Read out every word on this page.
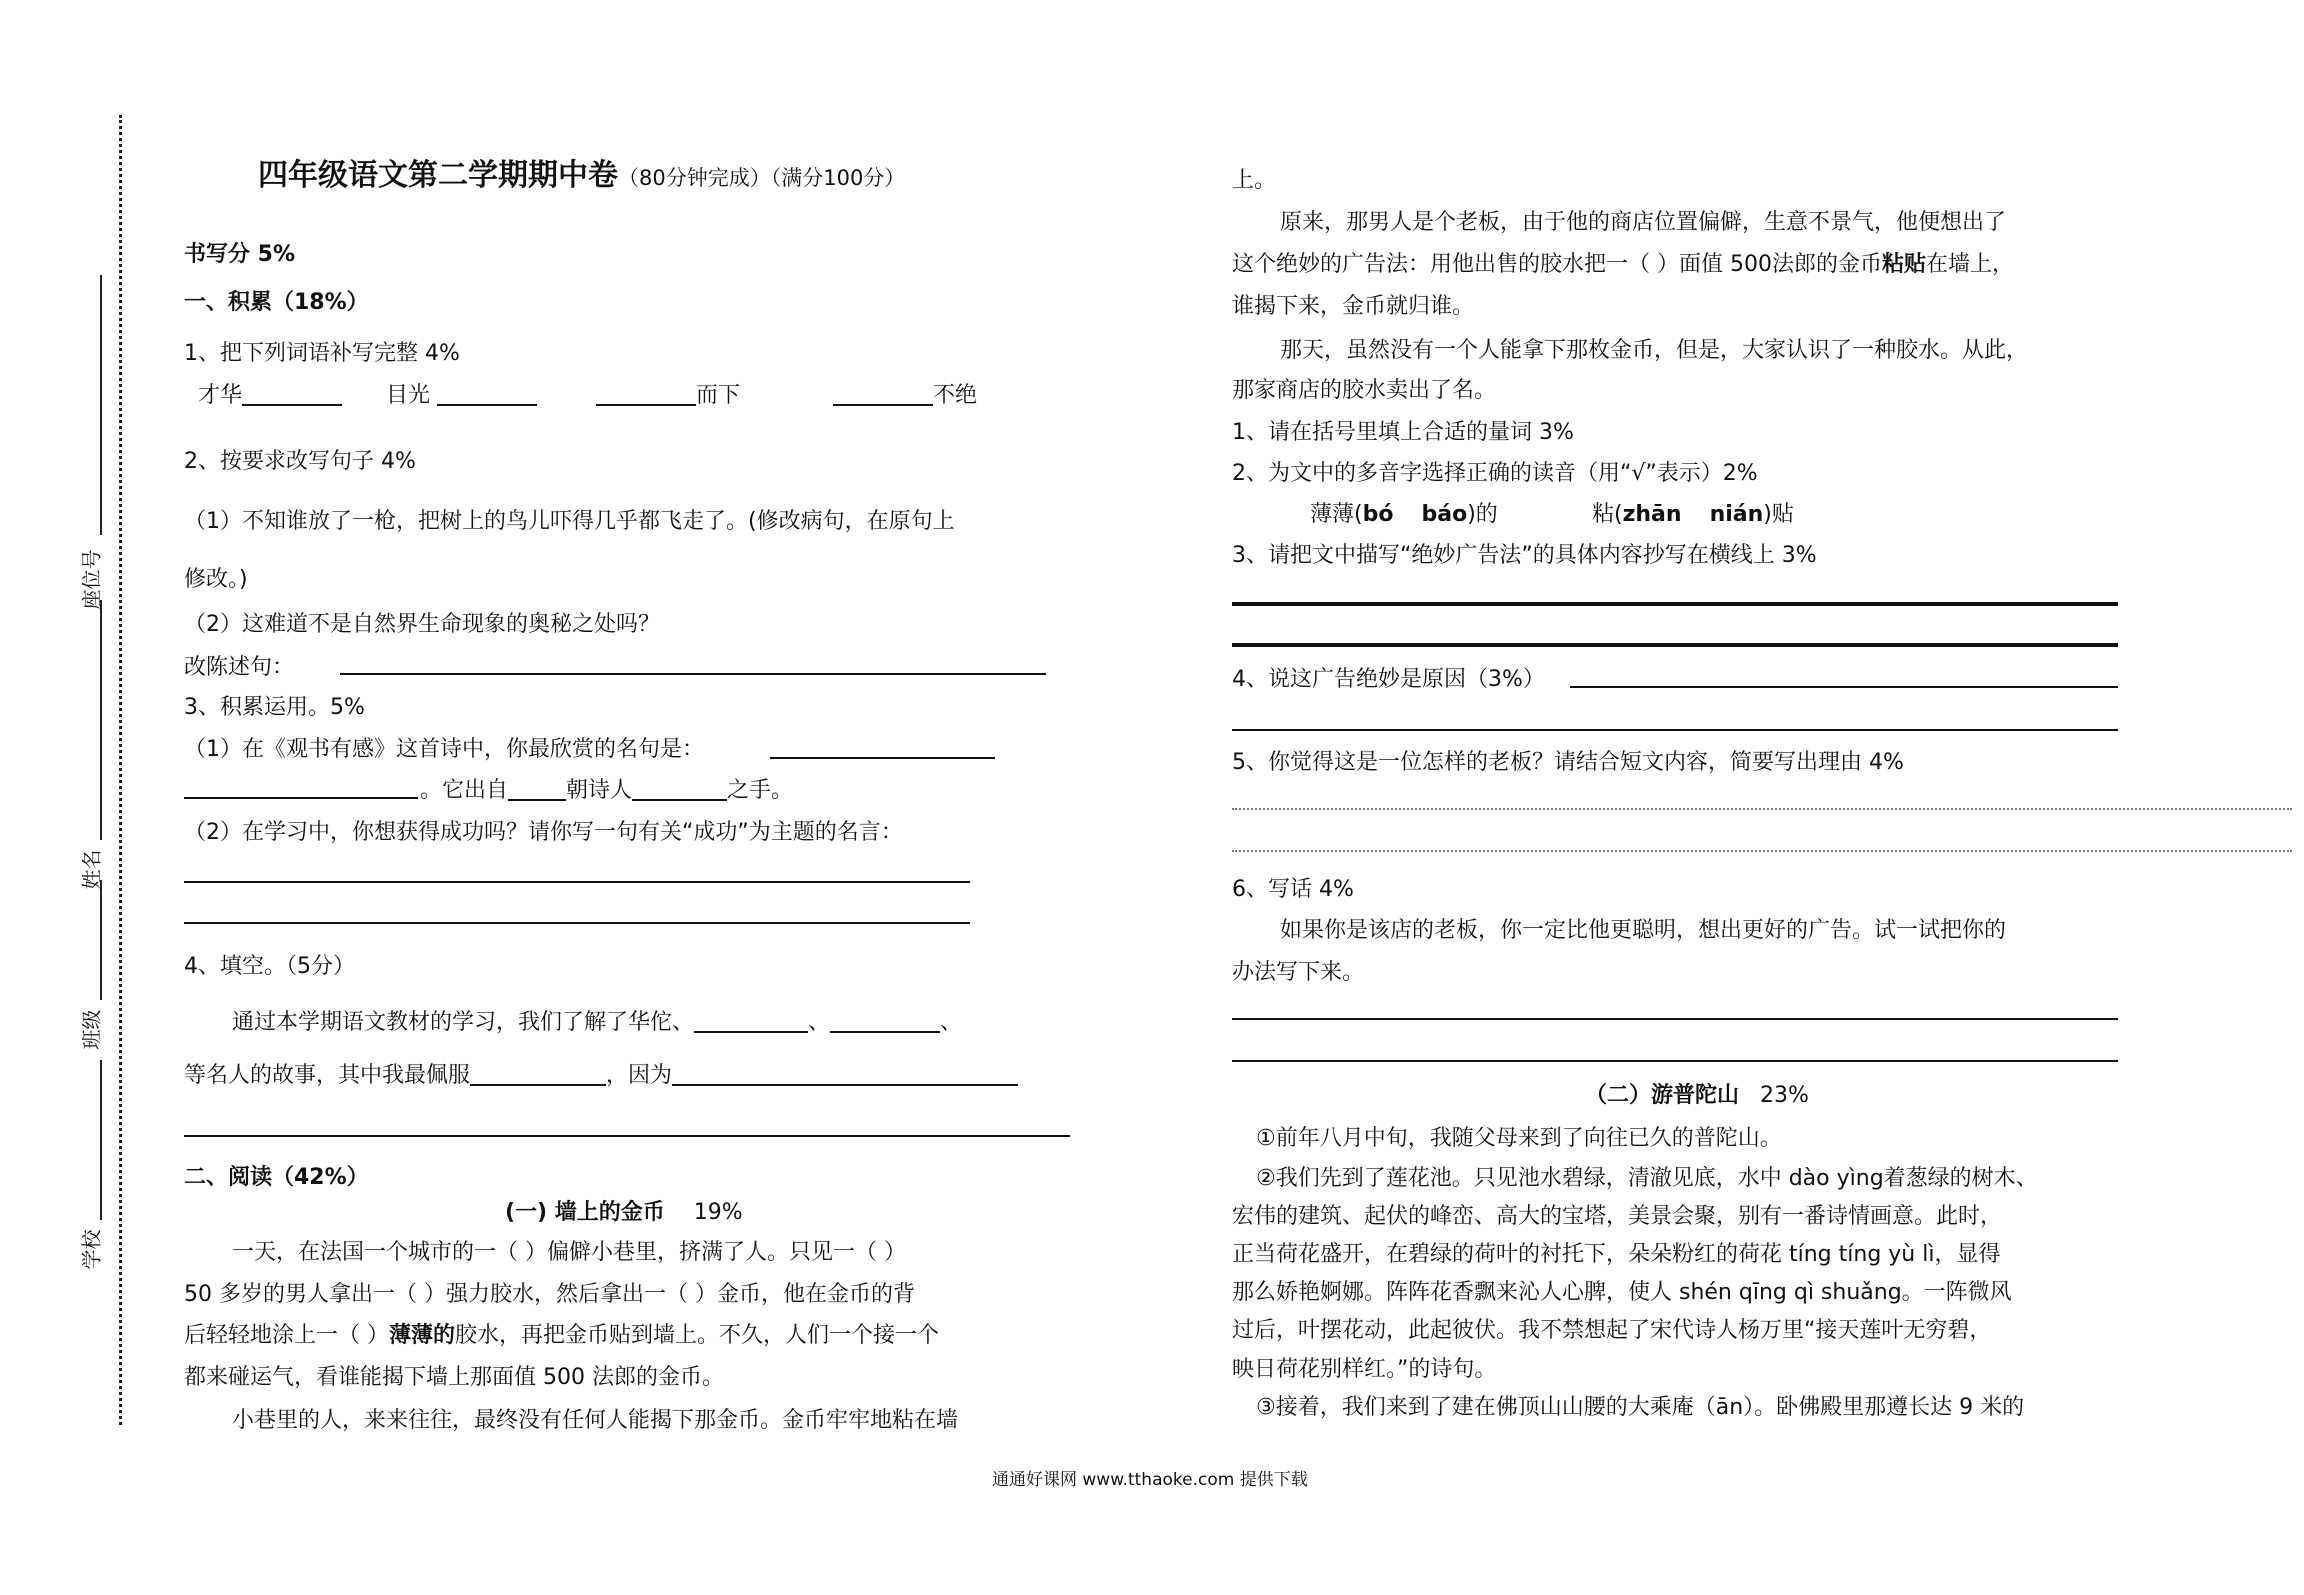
座位号
姓名
班级
学校
四年级语文第二学期期中卷（80分钟完成）（满分100分）
书写分 5%
一、积累（18%）
1、把下列词语补写完整 4%
才华	目光	而下	不绝
2、按要求改写句子 4%
（1）不知谁放了一枪，把树上的鸟儿吓得几乎都飞走了。(修改病句，在原句上
修改。)
（2）这难道不是自然界生命现象的奥秘之处吗？
改陈述句：
3、积累运用。5%
（1）在《观书有感》这首诗中，你最欣赏的名句是：
。它出自	朝诗人	之手。
（2）在学习中，你想获得成功吗？请你写一句有关“成功”为主题的名言：
4、填空。（5分）
通过本学期语文教材的学习，我们了解了华佗、	、	、
等名人的故事，其中我最佩服	，因为
二、阅读（42%）
(一) 墙上的金币 19%
一天，在法国一个城市的一（ ）偏僻小巷里，挤满了人。只见一（ ）
50 多岁的男人拿出一（ ）强力胶水，然后拿出一（ ）金币，他在金币的背
后轻轻地涂上一（ ）薄薄的胶水，再把金币贴到墙上。不久，人们一个接一个
都来碰运气，看谁能揭下墙上那面值 500 法郎的金币。
小巷里的人，来来往往，最终没有任何人能揭下那金币。金币牢牢地粘在墙
上。
原来，那男人是个老板，由于他的商店位置偏僻，生意不景气，他便想出了
这个绝妙的广告法：用他出售的胶水把一（ ）面值 500法郎的金币粘贴在墙上，
谁揭下来，金币就归谁。
那天，虽然没有一个人能拿下那枚金币，但是，大家认识了一种胶水。从此，
那家商店的胶水卖出了名。
1、请在括号里填上合适的量词 3%
2、为文中的多音字选择正确的读音（用“√”表示）2%
薄薄(bó báo)的	粘(zhān nián)贴
3、请把文中描写“绝妙广告法”的具体内容抄写在横线上 3%
4、说这广告绝妙是原因（3%）
5、你觉得这是一位怎样的老板？请结合短文内容，简要写出理由 4%
6、写话 4%
如果你是该店的老板，你一定比他更聪明，想出更好的广告。试一试把你的
办法写下来。
（二）游普陀山 23%
①前年八月中旬，我随父母来到了向往已久的普陀山。
②我们先到了莲花池。只见池水碧绿，清澈见底，水中 dào yìng着葱绿的树木、
宏伟的建筑、起伏的峰峦、高大的宝塔，美景会聚，别有一番诗情画意。此时，
正当荷花盛开，在碧绿的荷叶的衬托下，朵朵粉红的荷花 tíng tíng yù lì，显得
那么娇艳婀娜。阵阵花香飘来沁人心脾，使人 shén qīng qì shuǎng。一阵微风
过后，叶摆花动，此起彼伏。我不禁想起了宋代诗人杨万里“接天莲叶无穷碧，
映日荷花别样红。”的诗句。
③接着，我们来到了建在佛顶山山腰的大乘庵（ān）。卧佛殿里那遵长达 9 米的
通通好课网 www.tthaoke.com 提供下载
